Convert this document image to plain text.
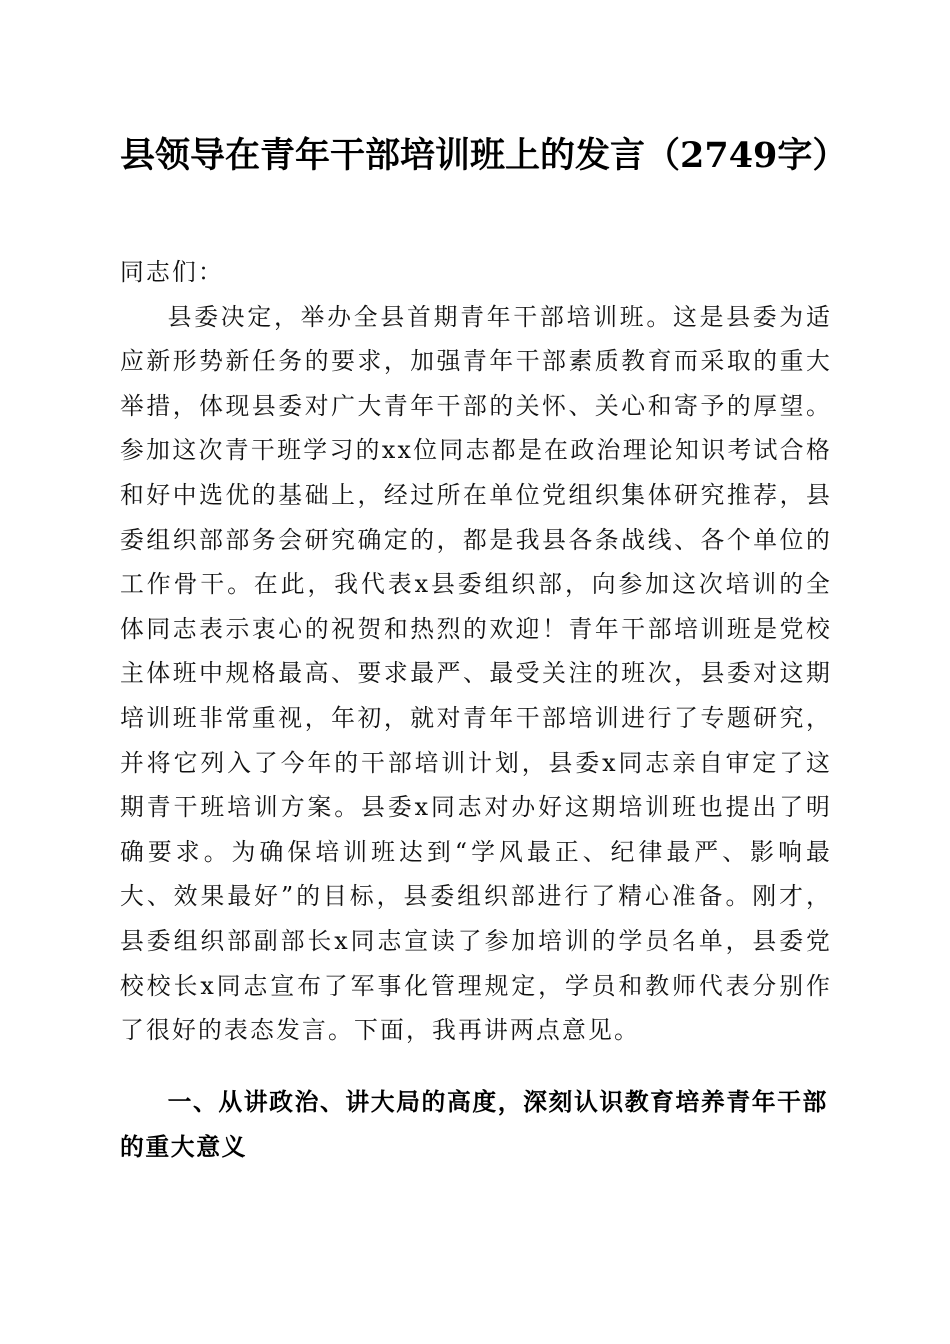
县领导在青年干部培训班上的发言（2749字）

同志们：

县委决定，举办全县首期青年干部培训班。这是县委为适应新形势新任务的要求，加强青年干部素质教育而采取的重大举措，体现县委对广大青年干部的关怀、关心和寄予的厚望。参加这次青干班学习的xx位同志都是在政治理论知识考试合格和好中选优的基础上，经过所在单位党组织集体研究推荐，县委组织部部务会研究确定的，都是我县各条战线、各个单位的工作骨干。在此，我代表x县委组织部，向参加这次培训的全体同志表示衷心的祝贺和热烈的欢迎！青年干部培训班是党校主体班中规格最高、要求最严、最受关注的班次，县委对这期培训班非常重视，年初，就对青年干部培训进行了专题研究，并将它列入了今年的干部培训计划，县委x同志亲自审定了这期青干班培训方案。县委x同志对办好这期培训班也提出了明确要求。为确保培训班达到“学风最正、纪律最严、影响最大、效果最好”的目标，县委组织部进行了精心准备。刚才，县委组织部副部长x同志宣读了参加培训的学员名单，县委党校校长x同志宣布了军事化管理规定，学员和教师代表分别作了很好的表态发言。下面，我再讲两点意见。

一、从讲政治、讲大局的高度，深刻认识教育培养青年干部的重大意义
